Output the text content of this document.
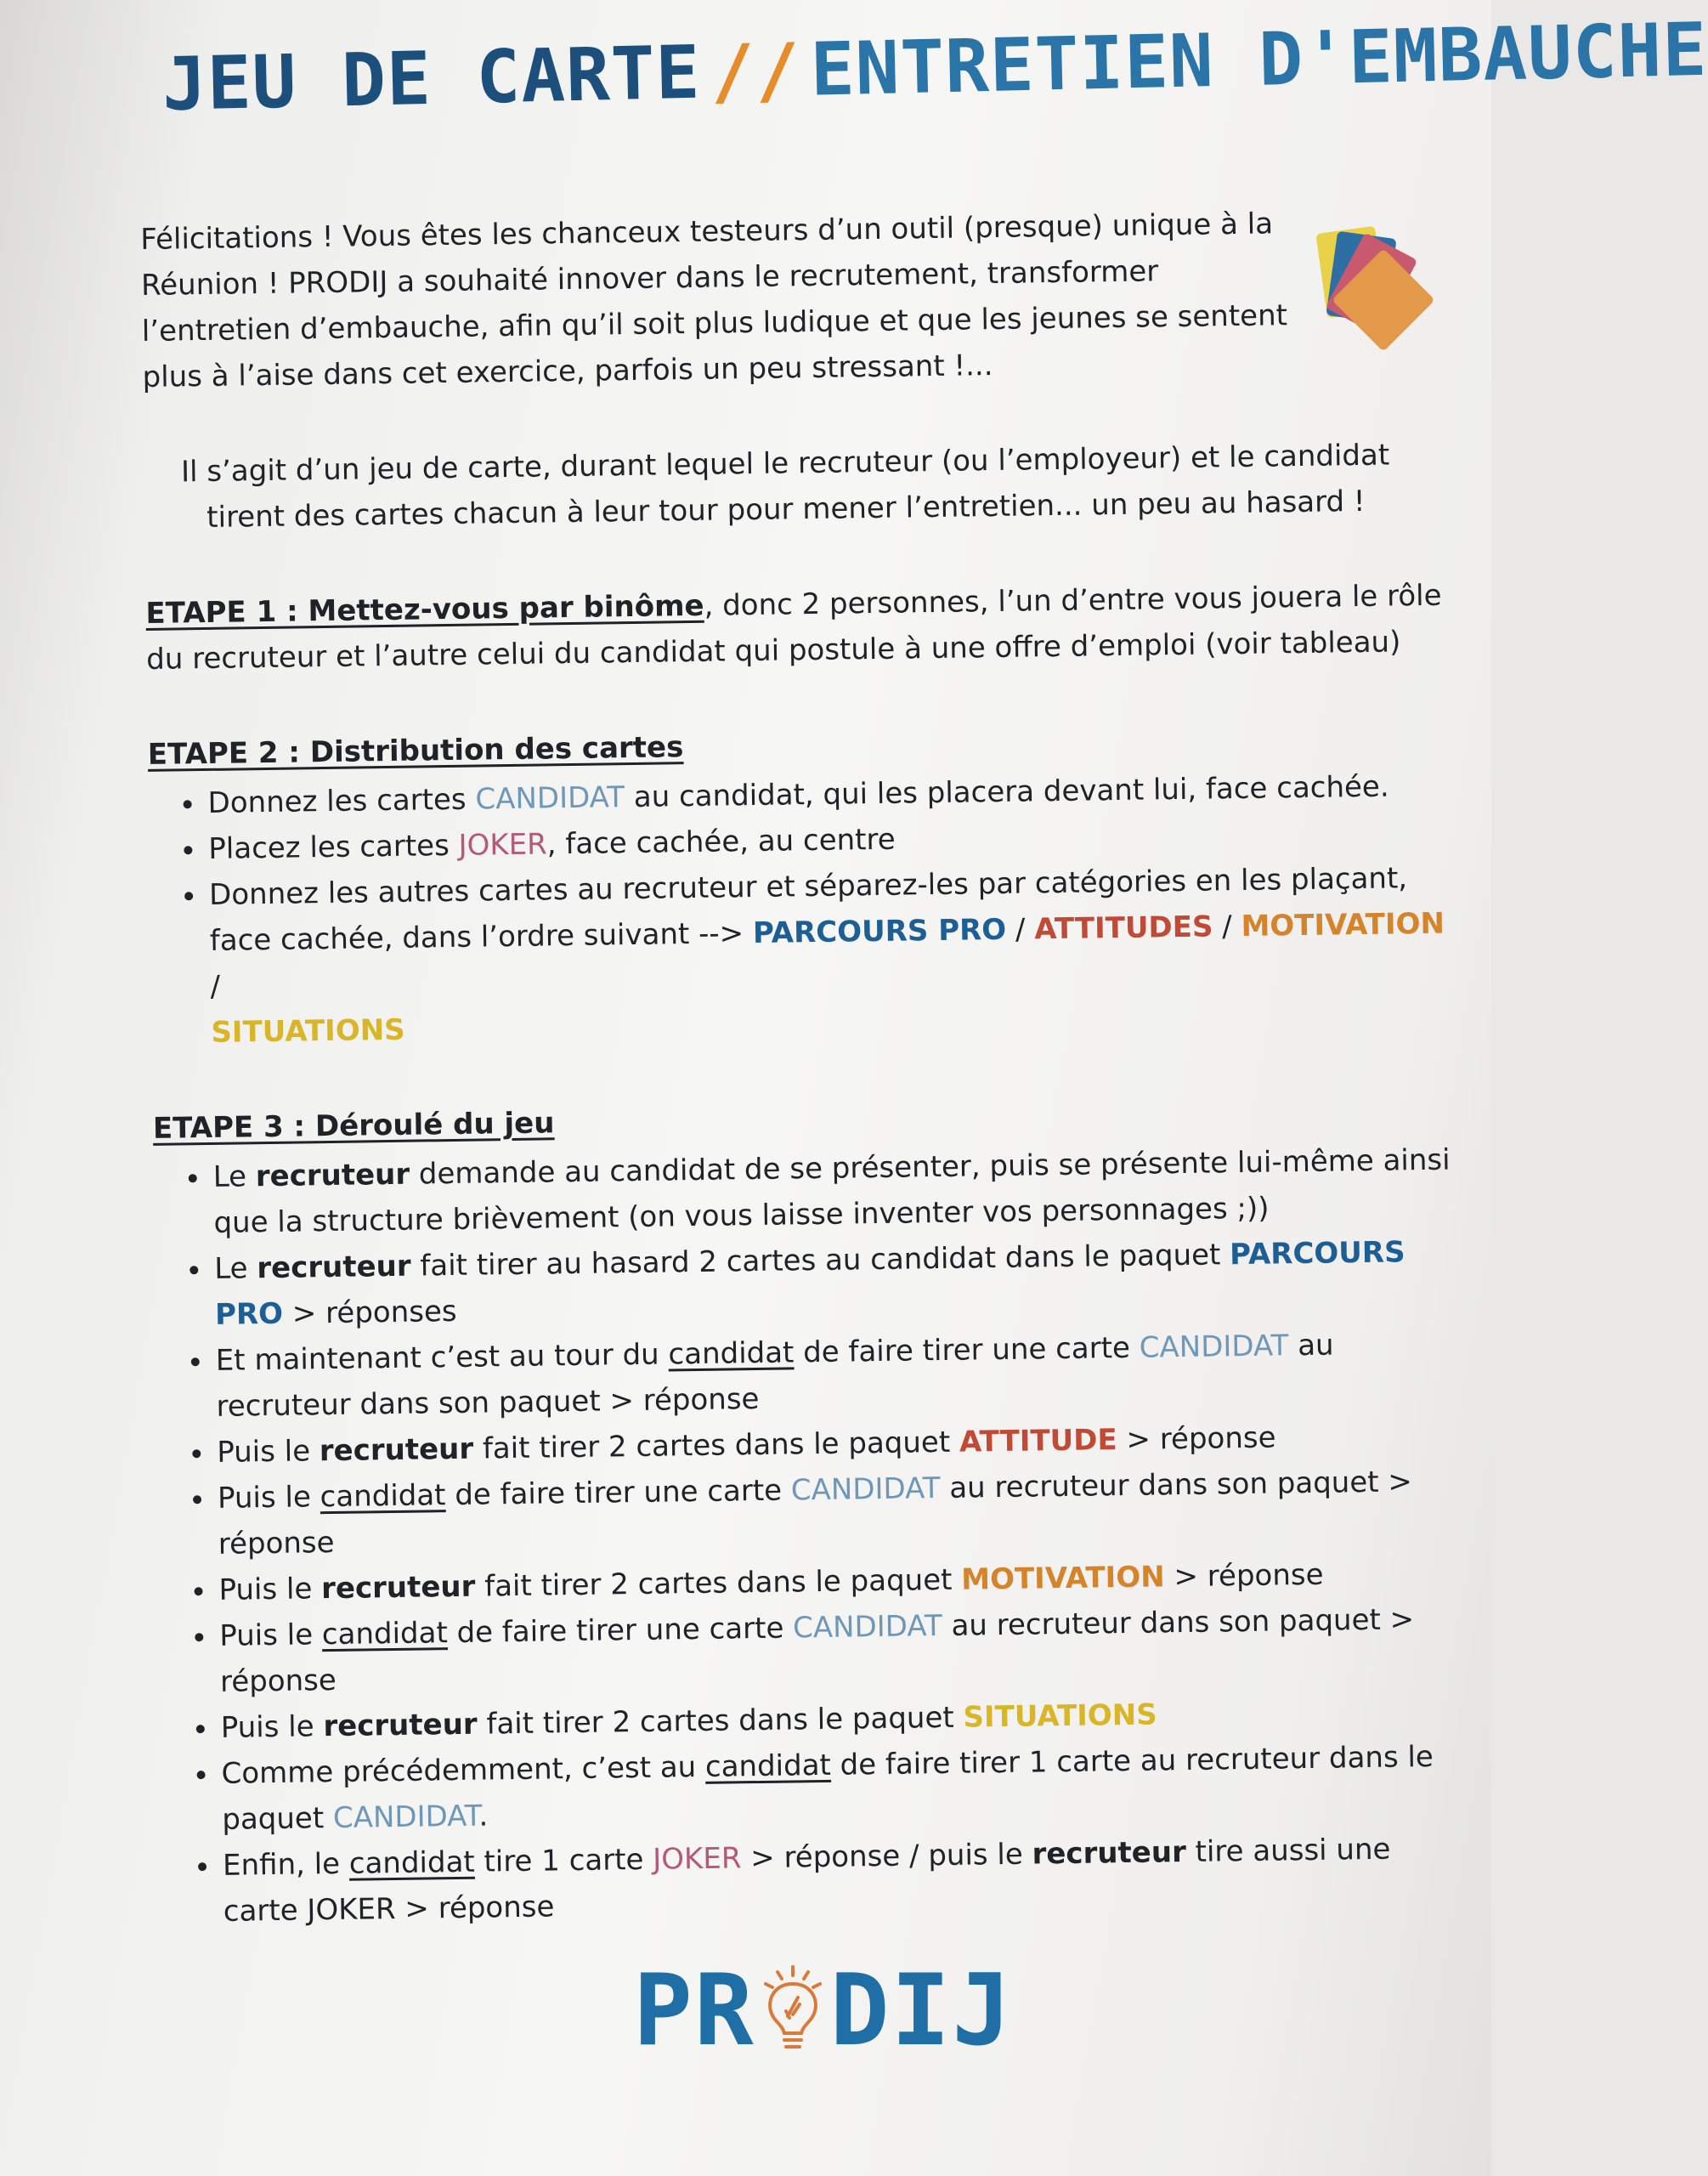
JEU DE CARTE // ENTRETIEN D'EMBAUCHE

Félicitations ! Vous êtes les chanceux testeurs d’un outil (presque) unique à la Réunion ! PRODIJ a souhaité innover dans le recrutement, transformer l’entretien d’embauche, afin qu’il soit plus ludique et que les jeunes se sentent plus à l’aise dans cet exercice, parfois un peu stressant !...

Il s’agit d’un jeu de carte, durant lequel le recruteur (ou l’employeur) et le candidat tirent des cartes chacun à leur tour pour mener l’entretien... un peu au hasard !

ETAPE 1 : Mettez-vous par binôme, donc 2 personnes, l’un d’entre vous jouera le rôle du recruteur et l’autre celui du candidat qui postule à une offre d’emploi (voir tableau)

ETAPE 2 : Distribution des cartes

• Donnez les cartes CANDIDAT au candidat, qui les placera devant lui, face cachée.
• Placez les cartes JOKER, face cachée, au centre
• Donnez les autres cartes au recruteur et séparez-les par catégories en les plaçant, face cachée, dans l’ordre suivant --> PARCOURS PRO / ATTITUDES / MOTIVATION /
SITUATIONS

ETAPE 3 : Déroulé du jeu

• Le recruteur demande au candidat de se présenter, puis se présente lui-même ainsi que la structure brièvement (on vous laisse inventer vos personnages ;))
• Le recruteur fait tirer au hasard 2 cartes au candidat dans le paquet PARCOURS PRO > réponses
• Et maintenant c’est au tour du candidat de faire tirer une carte CANDIDAT au recruteur dans son paquet > réponse
• Puis le recruteur fait tirer 2 cartes dans le paquet ATTITUDE > réponse
• Puis le candidat de faire tirer une carte CANDIDAT au recruteur dans son paquet > réponse
• Puis le recruteur fait tirer 2 cartes dans le paquet MOTIVATION > réponse
• Puis le candidat de faire tirer une carte CANDIDAT au recruteur dans son paquet > réponse
• Puis le recruteur fait tirer 2 cartes dans le paquet SITUATIONS
• Comme précédemment, c’est au candidat de faire tirer 1 carte au recruteur dans le paquet CANDIDAT.
• Enfin, le candidat tire 1 carte JOKER > réponse / puis le recruteur tire aussi une carte JOKER > réponse
PR DIJ
